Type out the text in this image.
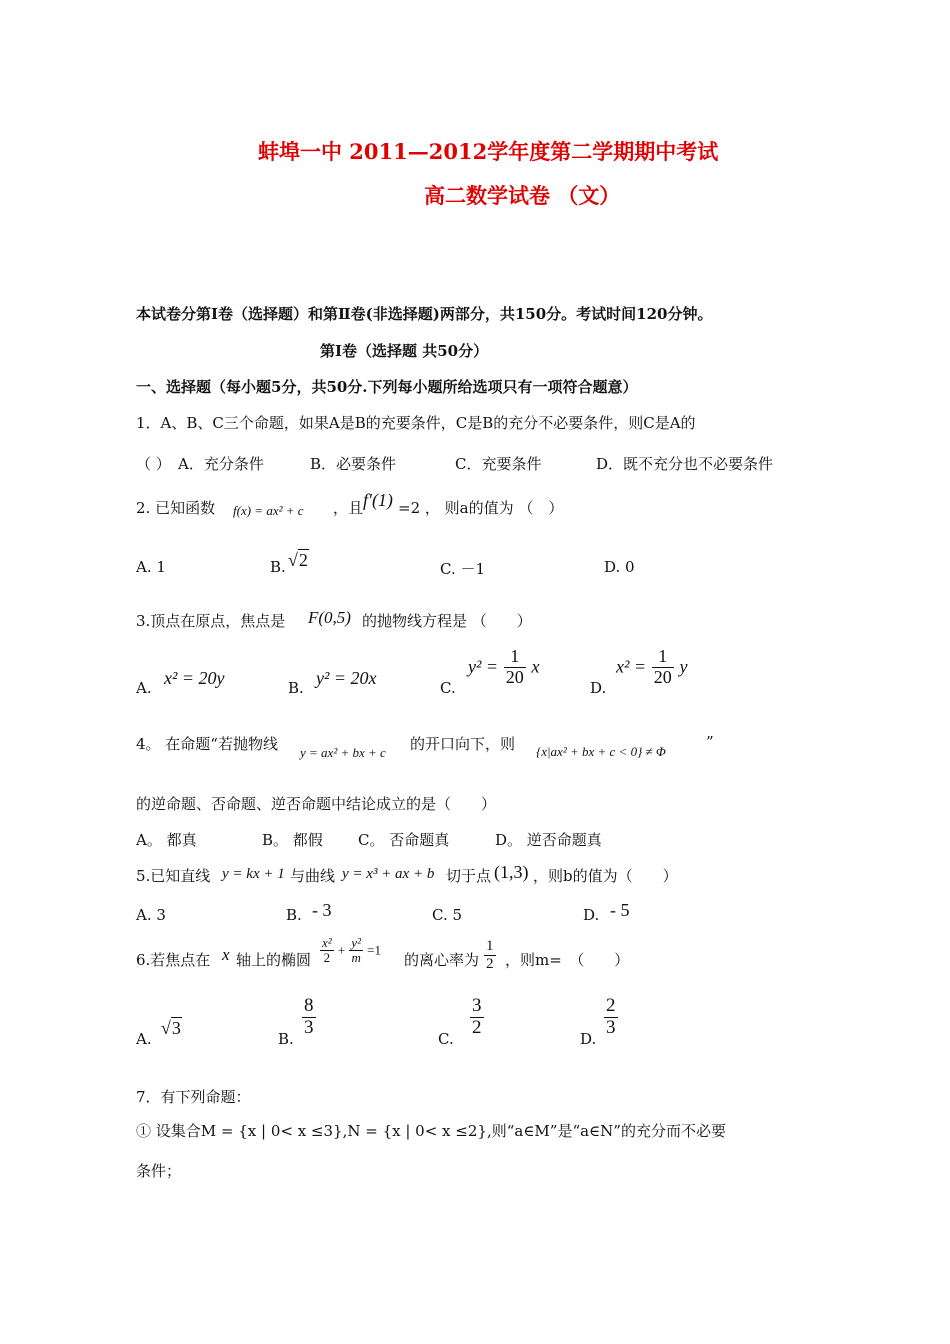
蚌埠一中 2011—2012学年度第二学期期中考试
高二数学试卷 （文）
本试卷分第Ⅰ卷（选择题）和第Ⅱ卷(非选择题)两部分，共150分。考试时间120分钟。
第Ⅰ卷（选择题 共50分）
一、选择题（每小题5分，共50分.下列每小题所给选项只有一项符合题意）
1．A、B、C三个命题，如果A是B的充要条件，C是B的充分不必要条件，则C是A的
（ ） A．充分条件	B．必要条件	C．充要条件	D．既不充分也不必要条件
2. 已知函数 f(x) = ax² + c ，且 f′(1) =2 ， 则a的值为 （　）
A. 1	B. √2	C. －1	D. 0
3.顶点在原点，焦点是 F(0,5) 的抛物线方程是 （　　）
A. x² = 20y	B. y² = 20x	C.
$y^2 = \frac{1}{20}$ x
D.
$x^2 = \frac{1}{20}$ y
4。 在命题“若抛物线 y = ax² + bx + c 的开口向下，则 {x|ax² + bx + c < 0} ≠ Φ
”
的逆命题、否命题、逆否命题中结论成立的是（　　）
A。 都真	B。 都假 C。 否命题真	D。 逆否命题真
5.已知直线 y = kx + 1 与曲线 y = x³ + ax + b 切于点 (1,3) ，则b的值为（　　）
A. 3	B. - 3	C. 5	D. - 5
6.若焦点在 x 轴上的椭圆 $\frac{\text{x²}}{2} + \frac{\text{y²}}{m} =1$
的离心率为 $\frac{1}{2}$ ，则m=　（　　）
A.
√3
B.
$\frac{8}{3}$
C.
$\frac{3}{2}$
D.
$\frac{2}{3}$
7．有下列命题：
① 设集合M = {x | 0< x ≤3},N = {x | 0< x ≤2},则“a∈M”是“a∈N”的充分而不必要
条件；
